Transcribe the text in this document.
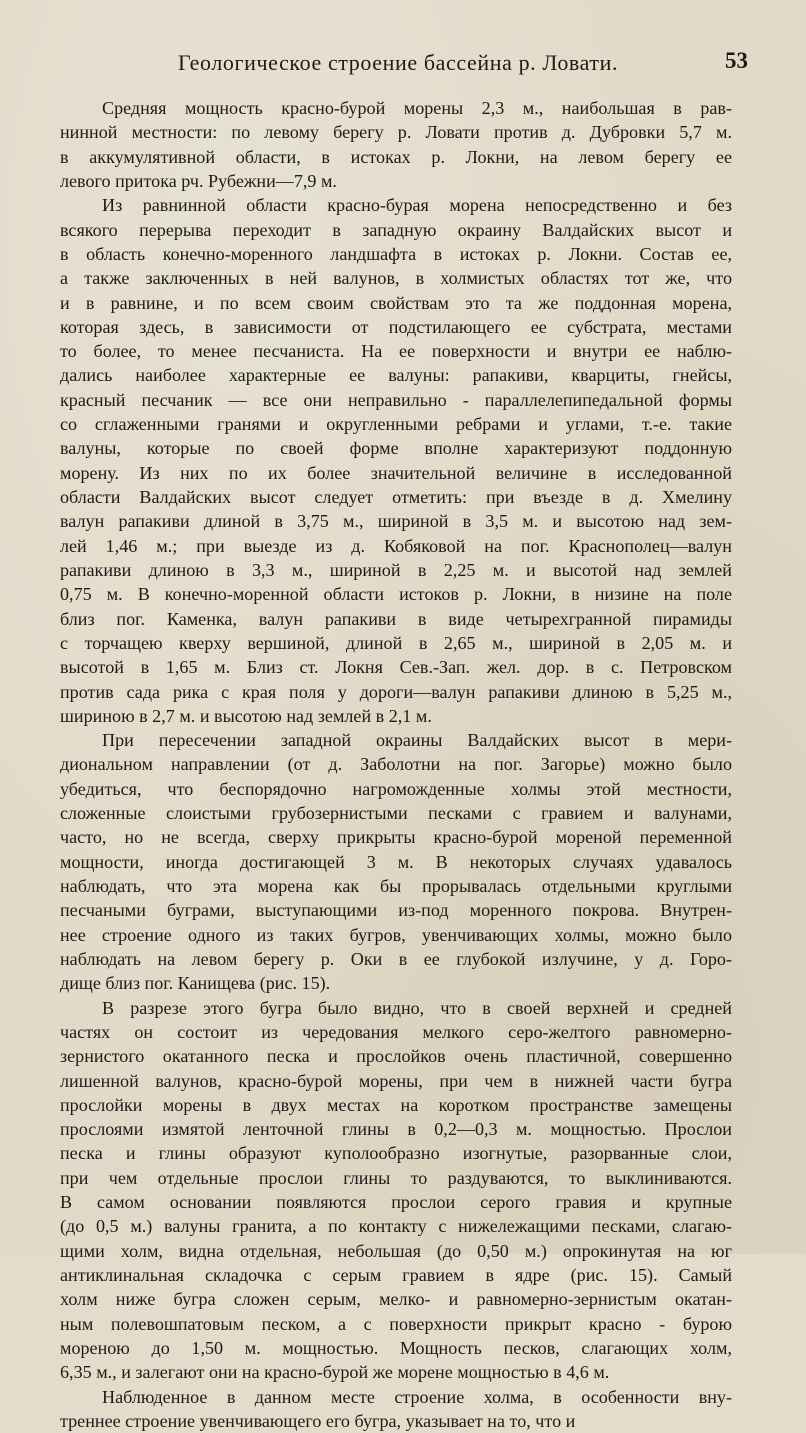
Геологическое строение бассейна р. Ловати.	53

Средняя мощность красно-бурой морены 2,3 м., наибольшая в рав-
нинной местности: по левому берегу р. Ловати против д. Дубровки 5,7 м.
в аккумулятивной области, в истоках р. Локни, на левом берегу ее
левого притока рч. Рубежни—7,9 м.

Из равнинной области красно-бурая морена непосредственно и без
всякого перерыва переходит в западную окраину Валдайских высот и
в область конечно-моренного ландшафта в истоках р. Локни. Состав ее,
а также заключенных в ней валунов, в холмистых областях тот же, что
и в равнине, и по всем своим свойствам это та же поддонная морена,
которая здесь, в зависимости от подстилающего ее субстрата, местами
то более, то менее песчаниста. На ее поверхности и внутри ее наблю-
дались наиболее характерные ее валуны: рапакиви, кварциты, гнейсы,
красный песчаник — все они неправильно - параллелепипедальной формы
со сглаженными гранями и округленными ребрами и углами, т.-е. такие
валуны, которые по своей форме вполне характеризуют поддонную
морену. Из них по их более значительной величине в исследованной
области Валдайских высот следует отметить: при въезде в д. Хмелину
валун рапакиви длиной в 3,75 м., шириной в 3,5 м. и высотою над зем-
лей 1,46 м.; при выезде из д. Кобяковой на пог. Краснополец—валун
рапакиви длиною в 3,3 м., шириной в 2,25 м. и высотой над землей
0,75 м. В конечно-моренной области истоков р. Локни, в низине на поле
близ пог. Каменка, валун рапакиви в виде четырехгранной пирамиды
с торчащею кверху вершиной, длиной в 2,65 м., шириной в 2,05 м. и
высотой в 1,65 м. Близ ст. Локня Сев.-Зап. жел. дор. в с. Петровском
против сада рика с края поля у дороги—валун рапакиви длиною в 5,25 м.,
шириною в 2,7 м. и высотою над землей в 2,1 м.

При пересечении западной окраины Валдайских высот в мери-
диональном направлении (от д. Заболотни на пог. Загорье) можно было
убедиться, что беспорядочно нагроможденные холмы этой местности,
сложенные слоистыми грубозернистыми песками с гравием и валунами,
часто, но не всегда, сверху прикрыты красно-бурой мореной переменной
мощности, иногда достигающей 3 м. В некоторых случаях удавалось
наблюдать, что эта морена как бы прорывалась отдельными круглыми
песчаными буграми, выступающими из-под моренного покрова. Внутрен-
нее строение одного из таких бугров, увенчивающих холмы, можно было
наблюдать на левом берегу р. Оки в ее глубокой излучине, у д. Горо-
дище близ пог. Канищева (рис. 15).

В разрезе этого бугра было видно, что в своей верхней и средней
частях он состоит из чередования мелкого серо-желтого равномерно-
зернистого окатанного песка и прослойков очень пластичной, совершенно
лишенной валунов, красно-бурой морены, при чем в нижней части бугра
прослойки морены в двух местах на коротком пространстве замещены
прослоями измятой ленточной глины в 0,2—0,3 м. мощностью. Прослои
песка и глины образуют куполообразно изогнутые, разорванные слои,
при чем отдельные прослои глины то раздуваются, то выклиниваются.
В самом основании появляются прослои серого гравия и крупные
(до 0,5 м.) валуны гранита, а по контакту с нижележащими песками, слагаю-
щими холм, видна отдельная, небольшая (до 0,50 м.) опрокинутая на юг
антиклинальная складочка с серым гравием в ядре (рис. 15). Самый
холм ниже бугра сложен серым, мелко- и равномерно-зернистым окатан-
ным полевошпатовым песком, а с поверхности прикрыт красно - бурою
мореною до 1,50 м. мощностью. Мощность песков, слагающих холм,
6,35 м., и залегают они на красно-бурой же морене мощностью в 4,6 м.

Наблюденное в данном месте строение холма, в особенности вну-
треннее строение увенчивающего его бугра, указывает на то, что и
